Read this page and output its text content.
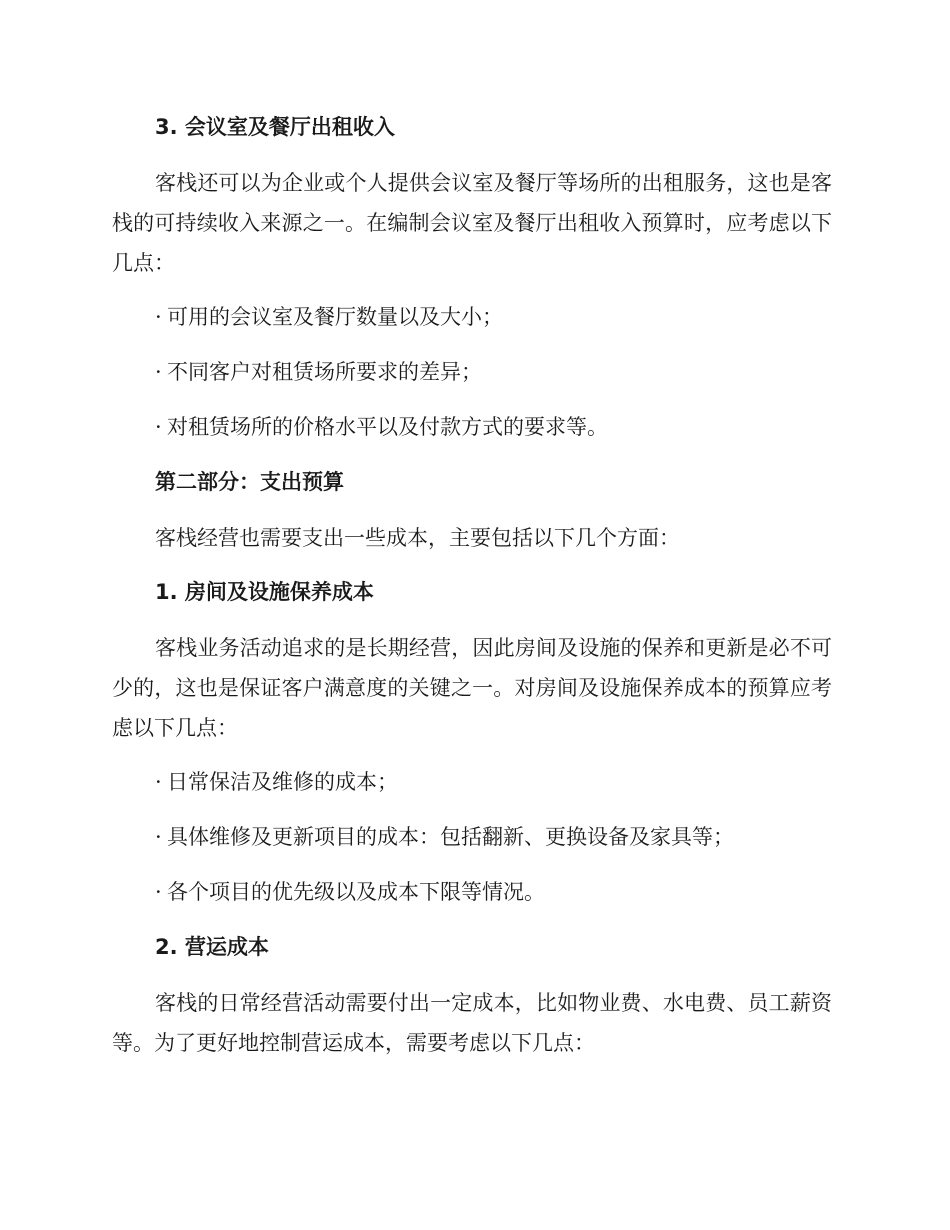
3. 会议室及餐厅出租收入
客栈还可以为企业或个人提供会议室及餐厅等场所的出租服务，这也是客栈的可持续收入来源之一。在编制会议室及餐厅出租收入预算时，应考虑以下几点：
· 可用的会议室及餐厅数量以及大小；
· 不同客户对租赁场所要求的差异；
· 对租赁场所的价格水平以及付款方式的要求等。
第二部分：支出预算
客栈经营也需要支出一些成本，主要包括以下几个方面：
1. 房间及设施保养成本
客栈业务活动追求的是长期经营，因此房间及设施的保养和更新是必不可少的，这也是保证客户满意度的关键之一。对房间及设施保养成本的预算应考虑以下几点：
· 日常保洁及维修的成本；
· 具体维修及更新项目的成本：包括翻新、更换设备及家具等；
· 各个项目的优先级以及成本下限等情况。
2. 营运成本
客栈的日常经营活动需要付出一定成本，比如物业费、水电费、员工薪资等。为了更好地控制营运成本，需要考虑以下几点：
